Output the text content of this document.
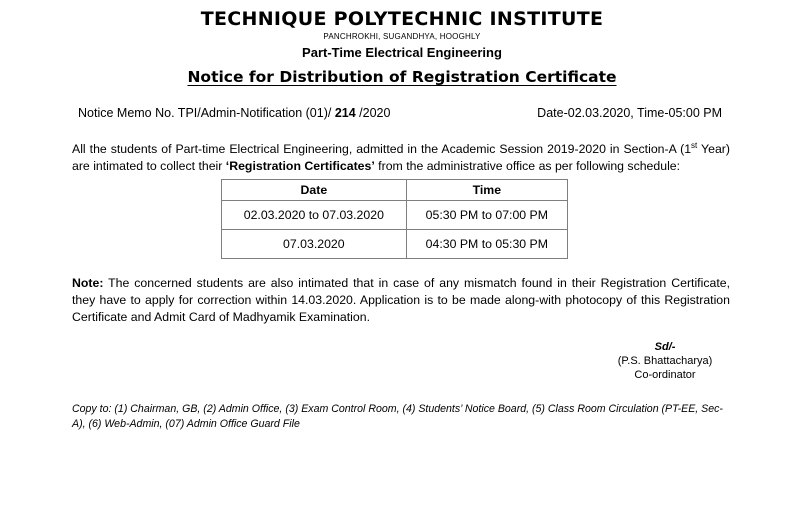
TECHNIQUE POLYTECHNIC INSTITUTE
PANCHROKHI, SUGANDHYA, HOOGHLY
Part-Time Electrical Engineering
Notice for Distribution of Registration Certificate
Notice Memo No. TPI/Admin-Notification (01)/ 214 /2020	Date-02.03.2020, Time-05:00 PM
All the students of Part-time Electrical Engineering, admitted in the Academic Session 2019-2020 in Section-A (1st Year) are intimated to collect their ‘Registration Certificates’ from the administrative office as per following schedule:
Date	Time
02.03.2020 to 07.03.2020	05:30 PM to 07:00 PM
07.03.2020	04:30 PM to 05:30 PM
Note: The concerned students are also intimated that in case of any mismatch found in their Registration Certificate, they have to apply for correction within 14.03.2020. Application is to be made along-with photocopy of this Registration Certificate and Admit Card of Madhyamik Examination.
Sd/-
(P.S. Bhattacharya)
Co-ordinator
Copy to: (1) Chairman, GB, (2) Admin Office, (3) Exam Control Room, (4) Students’ Notice Board, (5) Class Room Circulation (PT-EE, Sec-A), (6) Web-Admin, (07) Admin Office Guard File
